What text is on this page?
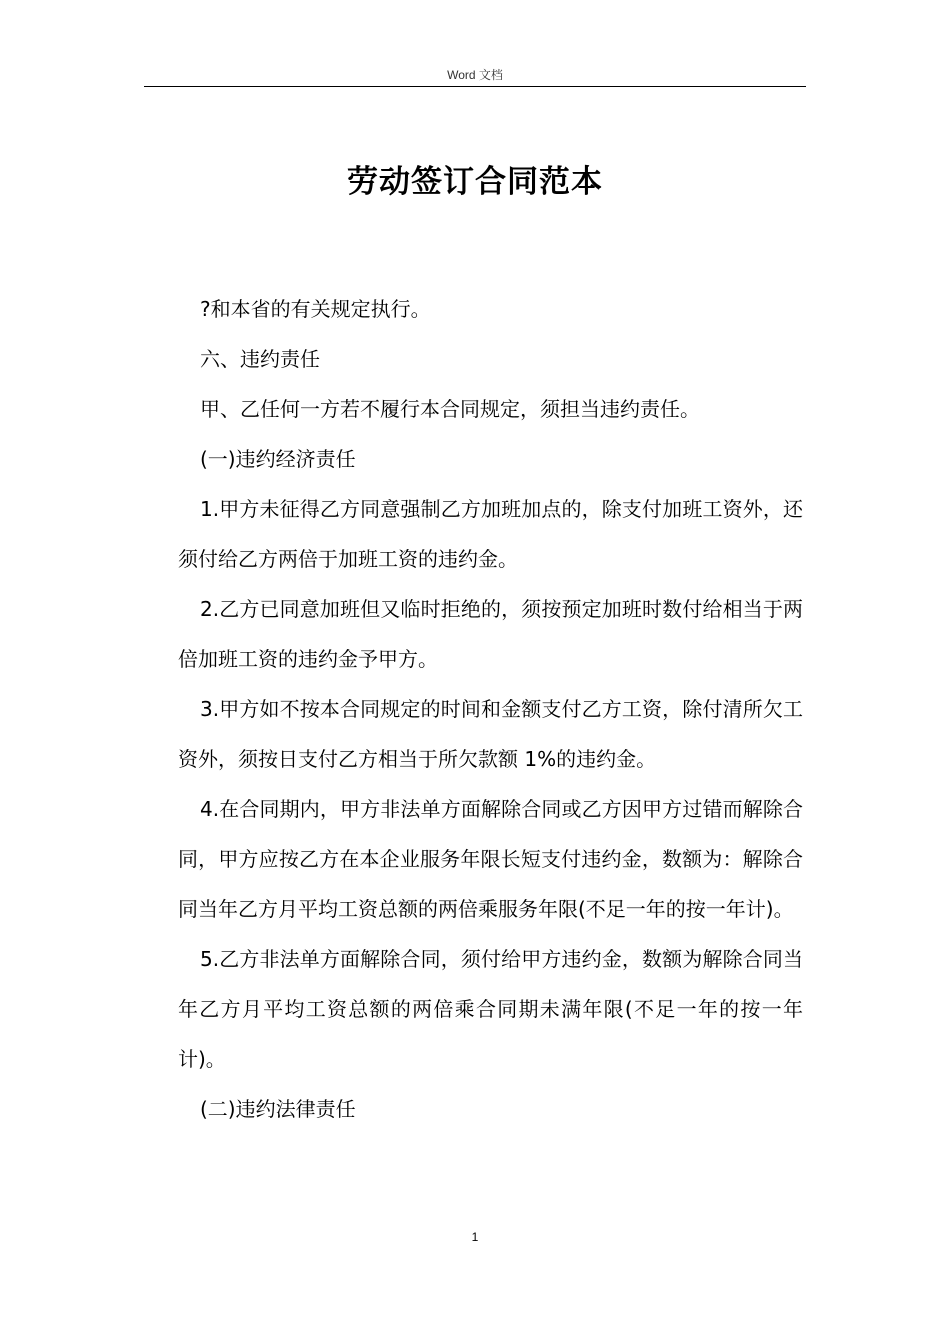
Word 文档
劳动签订合同范本

?和本省的有关规定执行。

六、违约责任

甲、乙任何一方若不履行本合同规定，须担当违约责任。

(一)违约经济责任

1.甲方未征得乙方同意强制乙方加班加点的，除支付加班工资外，还须付给乙方两倍于加班工资的违约金。

2.乙方已同意加班但又临时拒绝的，须按预定加班时数付给相当于两倍加班工资的违约金予甲方。

3.甲方如不按本合同规定的时间和金额支付乙方工资，除付清所欠工资外，须按日支付乙方相当于所欠款额 1%的违约金。

4.在合同期内，甲方非法单方面解除合同或乙方因甲方过错而解除合同，甲方应按乙方在本企业服务年限长短支付违约金，数额为：解除合同当年乙方月平均工资总额的两倍乘服务年限(不足一年的按一年计)。

5.乙方非法单方面解除合同，须付给甲方违约金，数额为解除合同当年乙方月平均工资总额的两倍乘合同期未满年限(不足一年的按一年计)。

(二)违约法律责任

1
